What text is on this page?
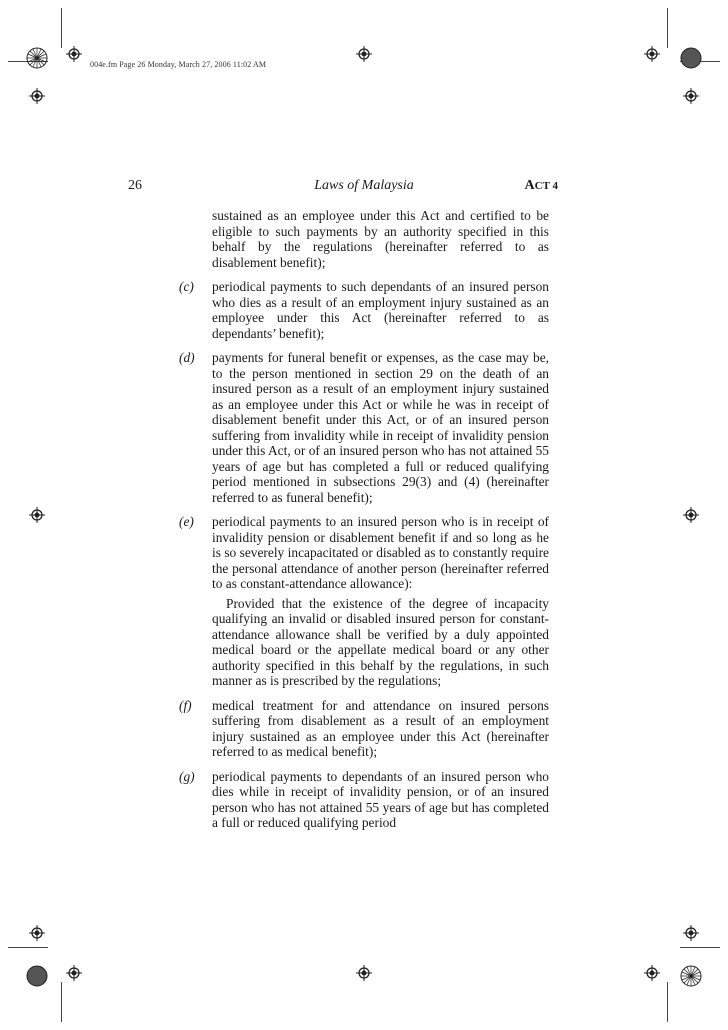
004e.fm Page 26 Monday, March 27, 2006 11:02 AM
26	Laws of Malaysia	ACT 4
sustained as an employee under this Act and certified to be eligible to such payments by an authority specified in this behalf by the regulations (hereinafter referred to as disablement benefit);
(c)	periodical payments to such dependants of an insured person who dies as a result of an employment injury sustained as an employee under this Act (hereinafter referred to as dependants’ benefit);
(d)	payments for funeral benefit or expenses, as the case may be, to the person mentioned in section 29 on the death of an insured person as a result of an employment injury sustained as an employee under this Act or while he was in receipt of disablement benefit under this Act, or of an insured person suffering from invalidity while in receipt of invalidity pension under this Act, or of an insured person who has not attained 55 years of age but has completed a full or reduced qualifying period mentioned in subsections 29(3) and (4) (hereinafter referred to as funeral benefit);
(e)	periodical payments to an insured person who is in receipt of invalidity pension or disablement benefit if and so long as he is so severely incapacitated or disabled as to constantly require the personal attendance of another person (hereinafter referred to as constant-attendance allowance):
Provided that the existence of the degree of incapacity qualifying an invalid or disabled insured person for constant-attendance allowance shall be verified by a duly appointed medical board or the appellate medical board or any other authority specified in this behalf by the regulations, in such manner as is prescribed by the regulations;
(f)	medical treatment for and attendance on insured persons suffering from disablement as a result of an employment injury sustained as an employee under this Act (hereinafter referred to as medical benefit);
(g)	periodical payments to dependants of an insured person who dies while in receipt of invalidity pension, or of an insured person who has not attained 55 years of age but has completed a full or reduced qualifying period
